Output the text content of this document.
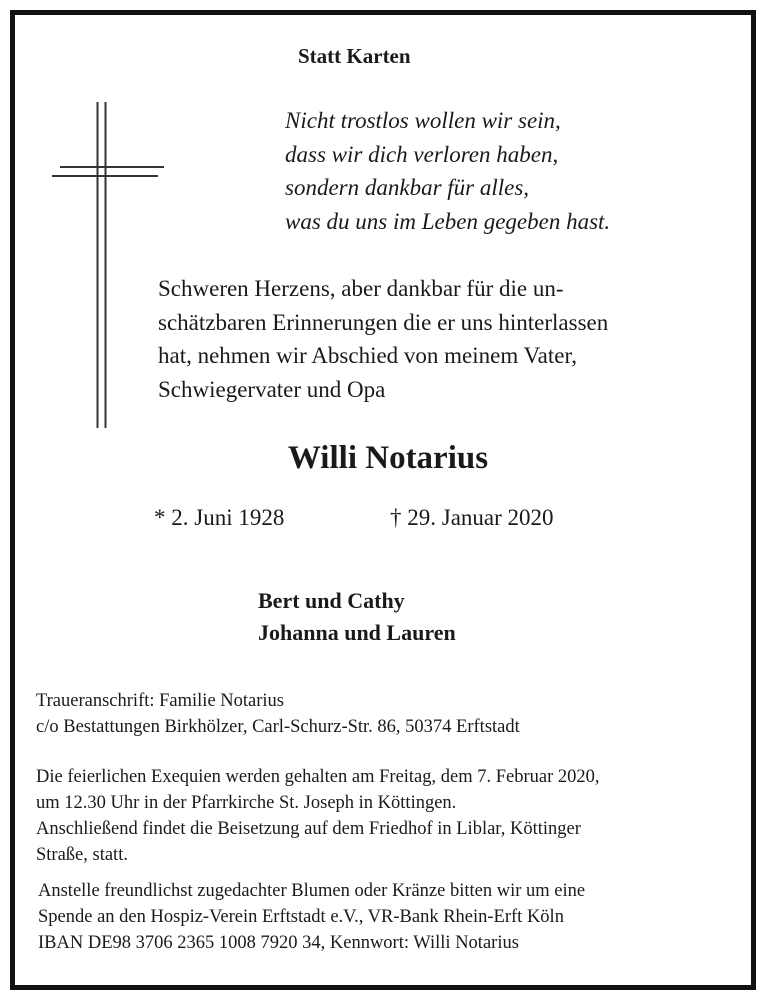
Statt Karten
Nicht trostlos wollen wir sein,
dass wir dich verloren haben,
sondern dankbar für alles,
was du uns im Leben gegeben hast.
Schweren Herzens, aber dankbar für die un-
schätzbaren Erinnerungen die er uns hinterlassen
hat, nehmen wir Abschied von meinem Vater,
Schwiegervater und Opa
Willi Notarius
* 2. Juni 1928	† 29. Januar 2020
Bert und Cathy
Johanna und Lauren
Traueranschrift: Familie Notarius
c/o Bestattungen Birkhölzer, Carl-Schurz-Str. 86, 50374 Erftstadt
Die feierlichen Exequien werden gehalten am Freitag, dem 7. Februar 2020,
um 12.30 Uhr in der Pfarrkirche St. Joseph in Köttingen.
Anschließend findet die Beisetzung auf dem Friedhof in Liblar, Köttinger
Straße, statt.
Anstelle freundlichst zugedachter Blumen oder Kränze bitten wir um eine
Spende an den Hospiz-Verein Erftstadt e.V., VR-Bank Rhein-Erft Köln
IBAN DE98 3706 2365 1008 7920 34, Kennwort: Willi Notarius
